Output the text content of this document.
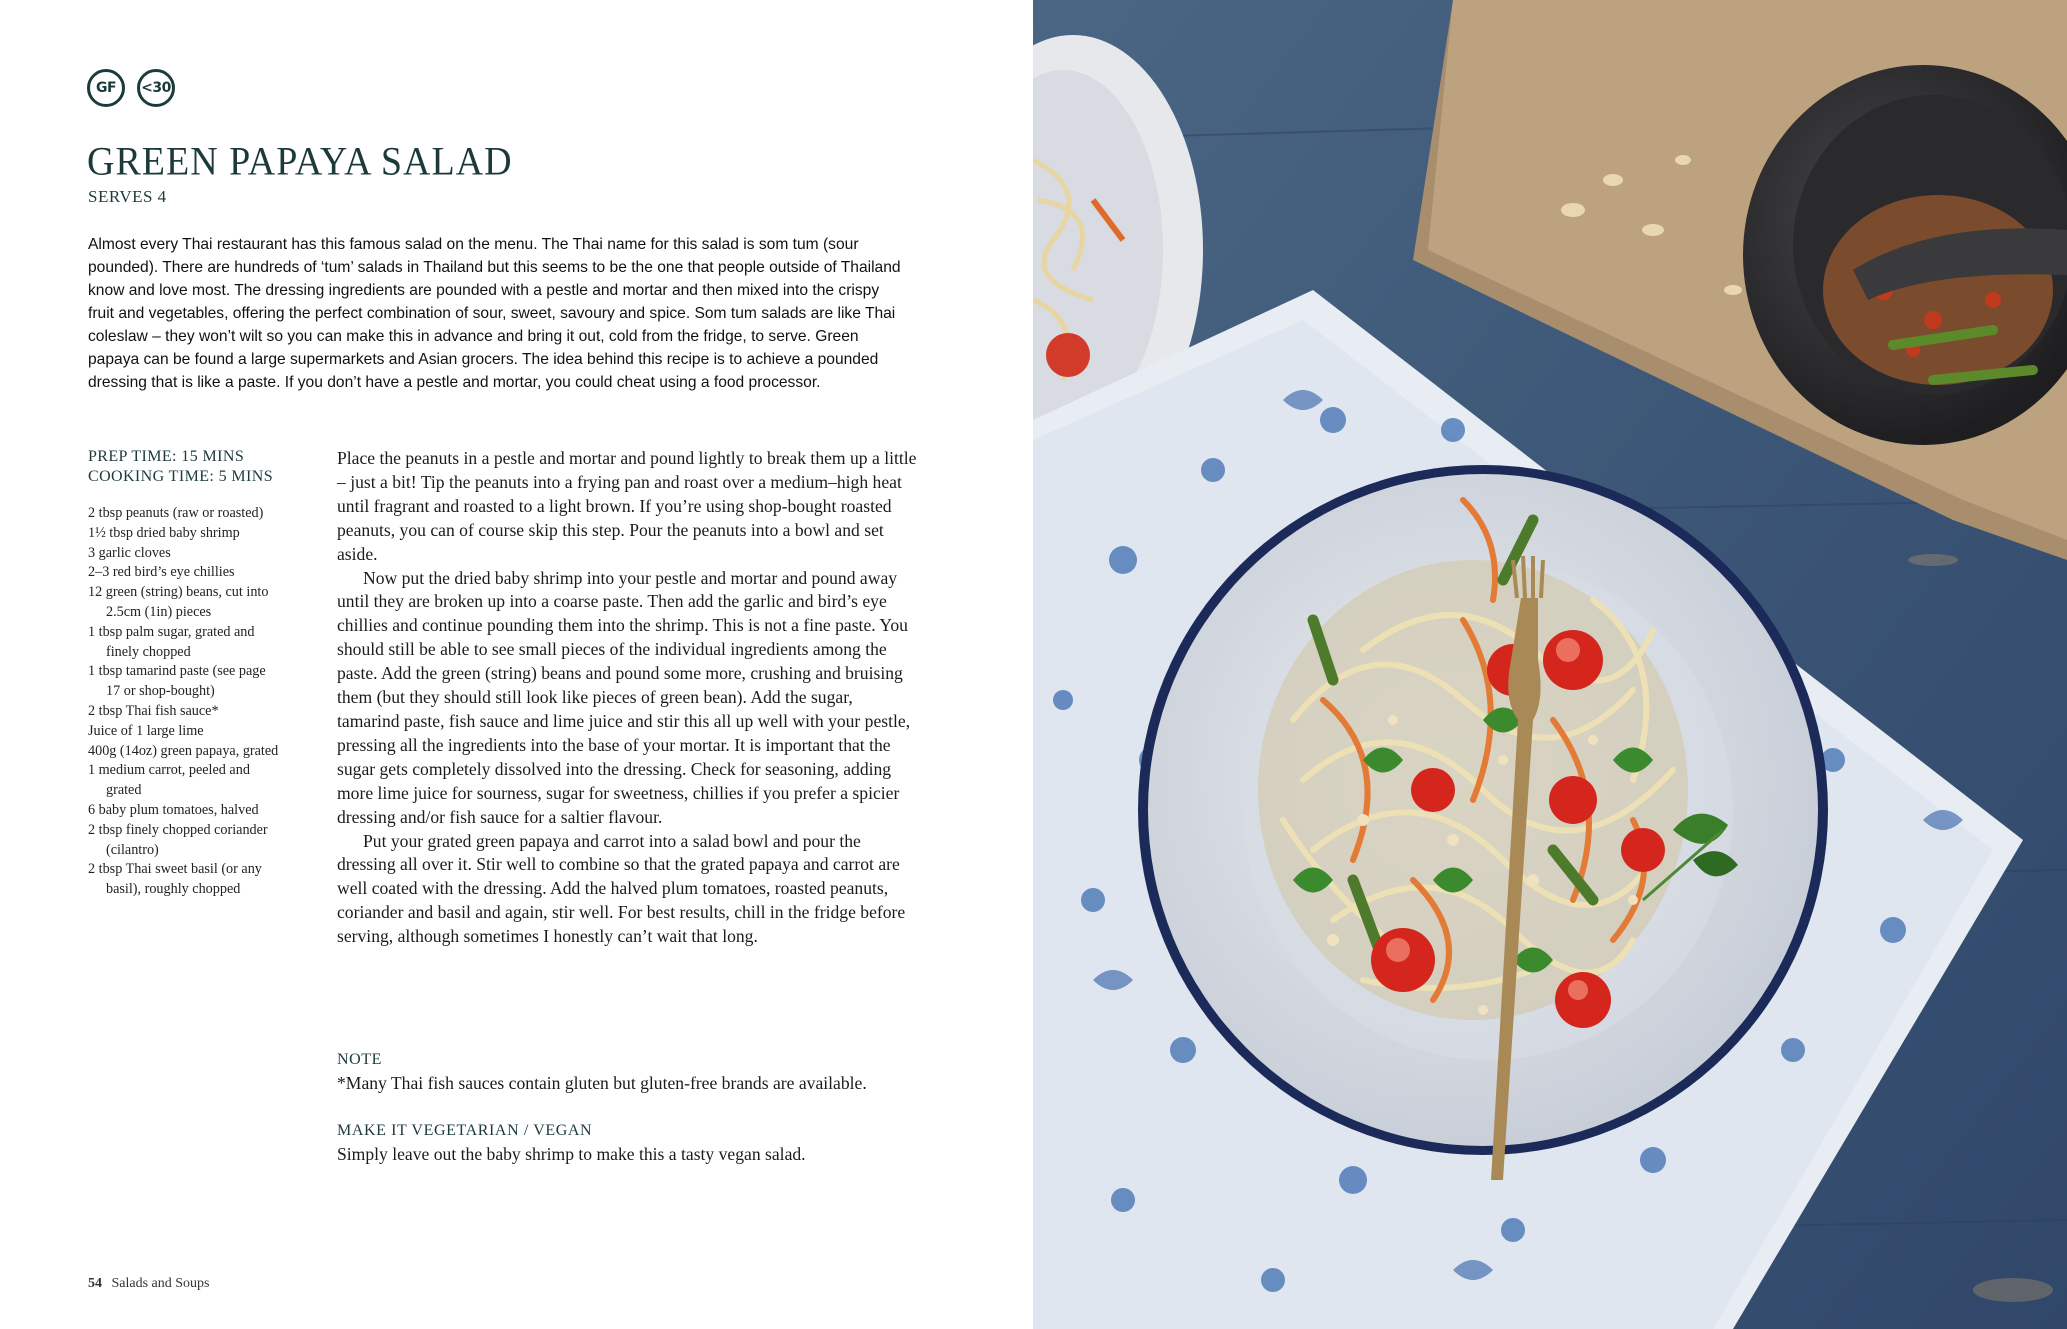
GF	<30
GREEN PAPAYA SALAD
SERVES 4

Almost every Thai restaurant has this famous salad on the menu. The Thai name for this salad is som tum (sour pounded). There are hundreds of ‘tum’ salads in Thailand but this seems to be the one that people outside of Thailand know and love most. The dressing ingredients are pounded with a pestle and mortar and then mixed into the crispy fruit and vegetables, offering the perfect combination of sour, sweet, savoury and spice. Som tum salads are like Thai coleslaw – they won’t wilt so you can make this in advance and bring it out, cold from the fridge, to serve. Green papaya can be found a large supermarkets and Asian grocers. The idea behind this recipe is to achieve a pounded dressing that is like a paste. If you don’t have a pestle and mortar, you could cheat using a food processor.

PREP TIME: 15 MINS
COOKING TIME: 5 MINS
2 tbsp peanuts (raw or roasted)
1½ tbsp dried baby shrimp
3 garlic cloves
2–3 red bird’s eye chillies
12 green (string) beans, cut into
2.5cm (1in) pieces
1 tbsp palm sugar, grated and
finely chopped
1 tbsp tamarind paste (see page
17 or shop-bought)
2 tbsp Thai fish sauce*
Juice of 1 large lime
400g (14oz) green papaya, grated
1 medium carrot, peeled and
grated
6 baby plum tomatoes, halved
2 tbsp finely chopped coriander
(cilantro)
2 tbsp Thai sweet basil (or any
basil), roughly chopped

Place the peanuts in a pestle and mortar and pound lightly to break them up a little – just a bit! Tip the peanuts into a frying pan and roast over a medium–high heat until fragrant and roasted to a light brown. If you’re using shop-bought roasted peanuts, you can of course skip this step. Pour the peanuts into a bowl and set aside.

Now put the dried baby shrimp into your pestle and mortar and pound away until they are broken up into a coarse paste. Then add the garlic and bird’s eye chillies and continue pounding them into the shrimp. This is not a fine paste. You should still be able to see small pieces of the individual ingredients among the paste. Add the green (string) beans and pound some more, crushing and bruising them (but they should still look like pieces of green bean). Add the sugar, tamarind paste, fish sauce and lime juice and stir this all up well with your pestle, pressing all the ingredients into the base of your mortar. It is important that the sugar gets completely dissolved into the dressing. Check for seasoning, adding more lime juice for sourness, sugar for sweetness, chillies if you prefer a spicier dressing and/or fish sauce for a saltier flavour.

Put your grated green papaya and carrot into a salad bowl and pour the dressing all over it. Stir well to combine so that the grated papaya and carrot are well coated with the dressing. Add the halved plum tomatoes, roasted peanuts, coriander and basil and again, stir well. For best results, chill in the fridge before serving, although sometimes I honestly can’t wait that long.

NOTE

*Many Thai fish sauces contain gluten but gluten-free brands are available.

MAKE IT VEGETARIAN / VEGAN

Simply leave out the baby shrimp to make this a tasty vegan salad.

54 Salads and Soups
